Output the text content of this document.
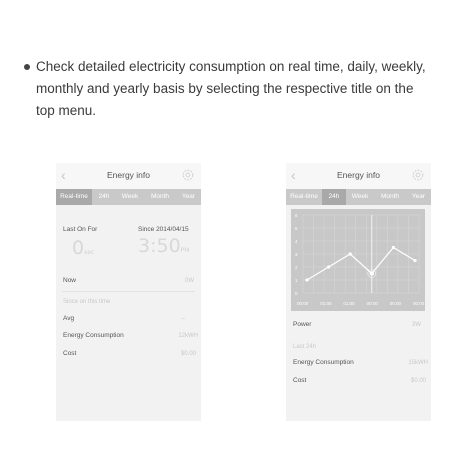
Check detailed electricity consumption on real time, daily, weekly,
monthly and yearly basis by selecting the respective title on the
top menu.
‹	Energy info
Real-time	24h	Week	Month	Year
Last On For	Since 2014/04/15
0sec 3:50PM
Now	0W
Since on this time
Avg	--
Energy Consumption	12kWH
Cost	$0.00
‹	Energy info
Real-time	24h	Week	Month	Year
0
1
2
3
4
5
6
00:00	01:00	01:00	00:00	00:00	00:00
Power	3W
Last 24h
Energy Consumption	15kWH
Cost	$0.00
